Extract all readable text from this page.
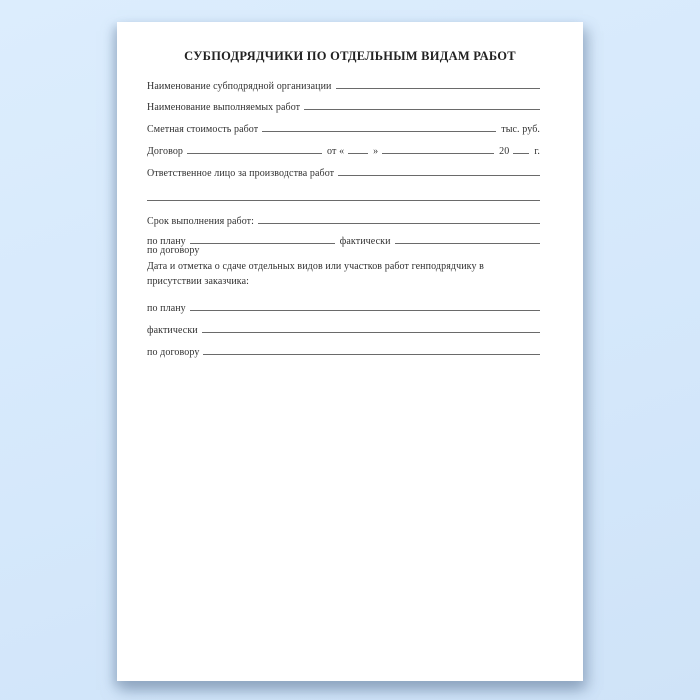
СУБПОДРЯДЧИКИ ПО ОТДЕЛЬНЫМ ВИДАМ РАБОТ
Наименование субподрядной организации
Наименование выполняемых работ
Сметная стоимость работ	тыс. руб.
Договор	от «	»	20	г.
Ответственное лицо за производства работ
Срок выполнения работ:
по плану	фактически
по договору
Дата и отметка о сдаче отдельных видов или участков работ генподрядчику в
присутствии заказчика:
по плану
фактически
по договору
